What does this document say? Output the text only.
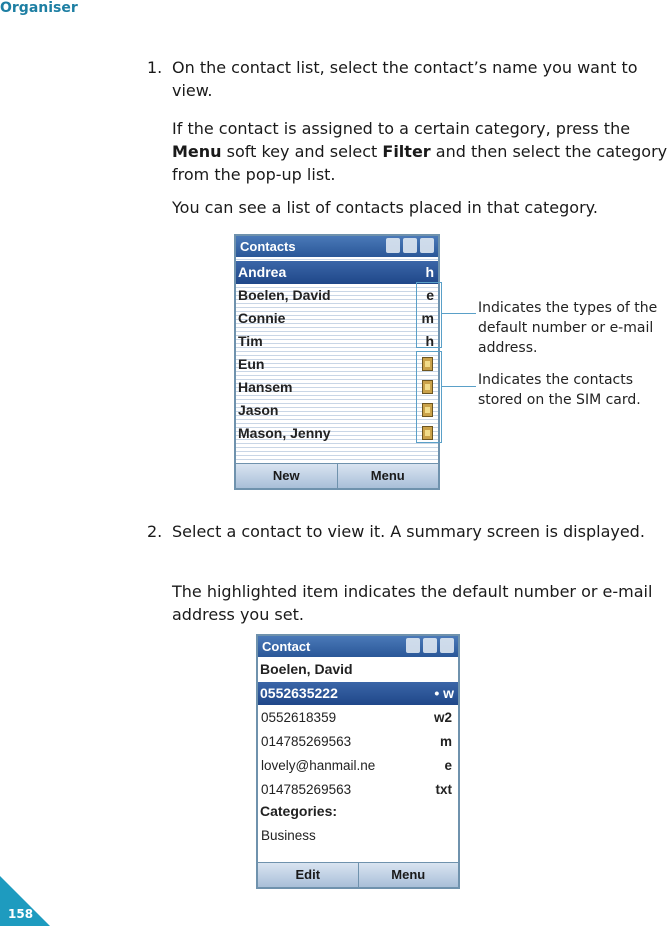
Organiser
1. On the contact list, select the contact’s name you want to view.
If the contact is assigned to a certain category, press the Menu soft key and select Filter and then select the category from the pop-up list.
You can see a list of contacts placed in that category.
Contacts
Andrea	h
Boelen, David	e
Connie	m
Tim	h
Eun
Hansem
Jason
Mason, Jenny
New	Menu
Indicates the types of the default number or e-mail address.
Indicates the contacts stored on the SIM card.
2. Select a contact to view it. A summary screen is displayed.
The highlighted item indicates the default number or e-mail address you set.
Contact
Boelen, David
0552635222	• w
0552618359	w2
014785269563	m
lovely@hanmail.ne	e
014785269563	txt
Categories:
Business
Edit	Menu
158
